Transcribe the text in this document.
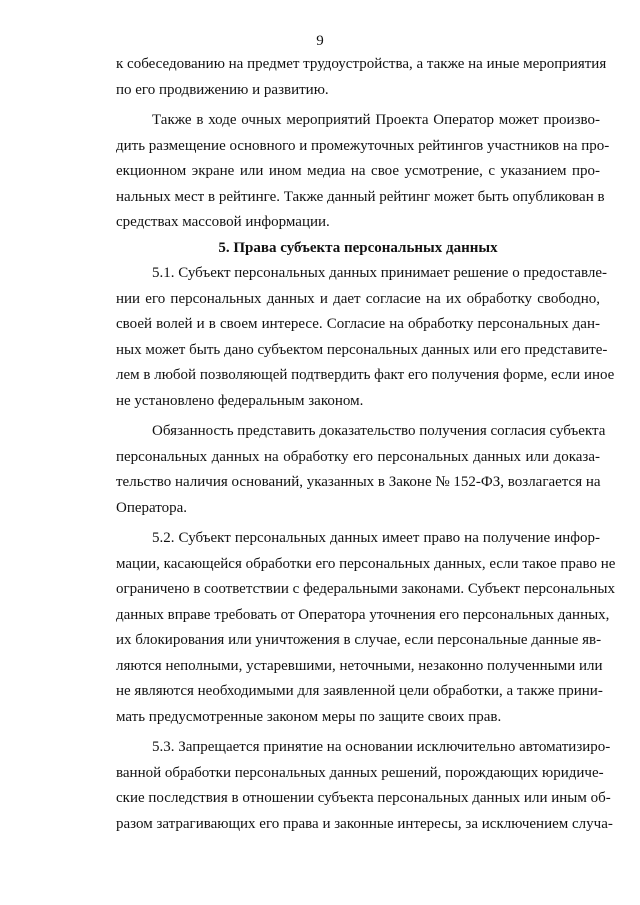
9

к собеседованию на предмет трудоустройства, а также на иные мероприятия
по его продвижению и развитию.

Также в ходе очных мероприятий Проекта Оператор может произво-
дить размещение основного и промежуточных рейтингов участников на про-
екционном экране или ином медиа на свое усмотрение, с указанием про-
нальных мест в рейтинге. Также данный рейтинг может быть опубликован в
средствах массовой информации.

5. Права субъекта персональных данных

5.1. Субъект персональных данных принимает решение о предоставле-
нии его персональных данных и дает согласие на их обработку свободно,
своей волей и в своем интересе. Согласие на обработку персональных дан-
ных может быть дано субъектом персональных данных или его представите-
лем в любой позволяющей подтвердить факт его получения форме, если иное
не установлено федеральным законом.

Обязанность представить доказательство получения согласия субъекта
персональных данных на обработку его персональных данных или доказа-
тельство наличия оснований, указанных в Законе № 152-ФЗ, возлагается на
Оператора.

5.2. Субъект персональных данных имеет право на получение инфор-
мации, касающейся обработки его персональных данных, если такое право не
ограничено в соответствии с федеральными законами. Субъект персональных
данных вправе требовать от Оператора уточнения его персональных данных,
их блокирования или уничтожения в случае, если персональные данные яв-
ляются неполными, устаревшими, неточными, незаконно полученными или
не являются необходимыми для заявленной цели обработки, а также прини-
мать предусмотренные законом меры по защите своих прав.

5.3. Запрещается принятие на основании исключительно автоматизиро-
ванной обработки персональных данных решений, порождающих юридиче-
ские последствия в отношении субъекта персональных данных или иным об-
разом затрагивающих его права и законные интересы, за исключением случа-
